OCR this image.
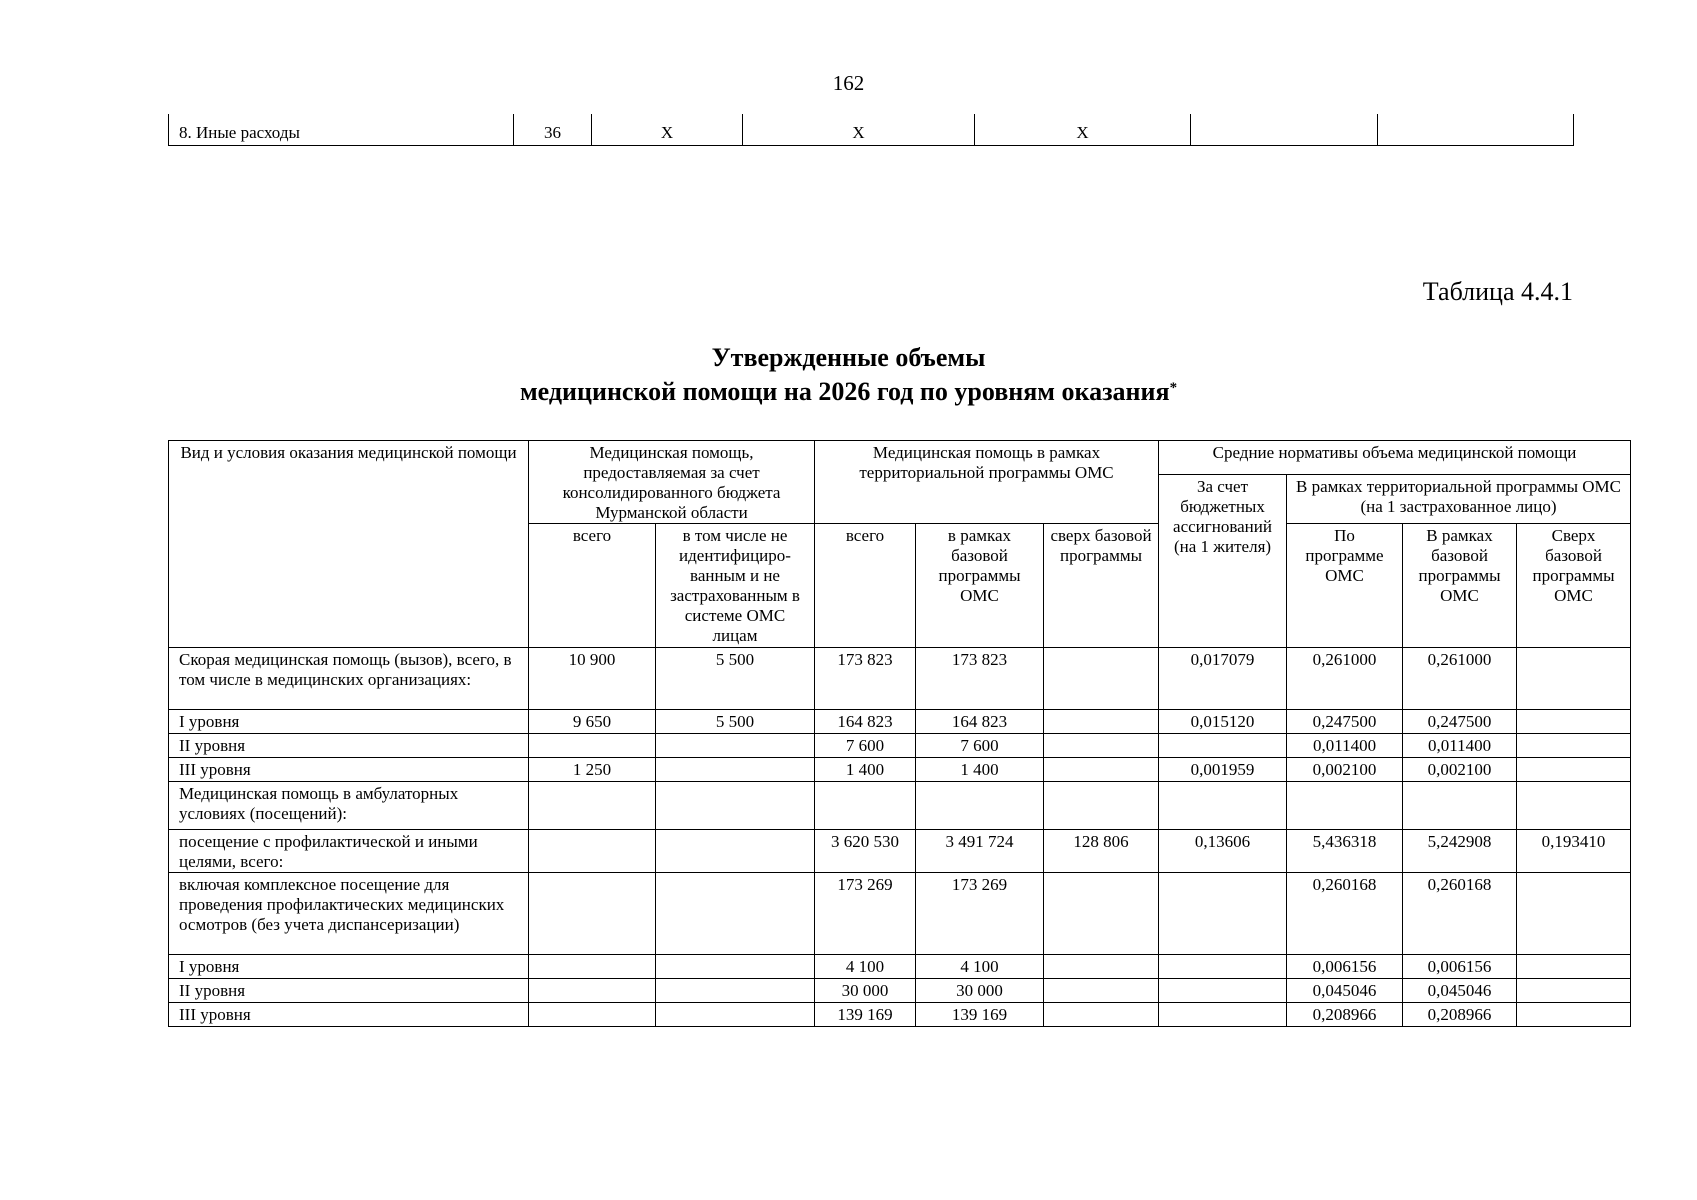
162
8. Иные расходы	36	Х	Х	Х		
Таблица 4.4.1
Утвержденные объемы
медицинской помощи на 2026 год по уровням оказания*
Вид и условия оказания медицинской помощи	Медицинская помощь, предоставляемая за счет консолидированного бюджета Мурманской области		Медицинская помощь в рамках территориальной программы ОМС			Средние нормативы объема медицинской помощи			
						За счет бюджетных ассигнований (на 1 жителя)	В рамках территориальной программы ОМС (на 1 застрахованное лицо)		
	всего	в том числе не идентифициро-ванным и не застрахованным в системе ОМС лицам	всего	в рамках базовой программы ОМС	сверх базовой программы		По программе ОМС	В рамках базовой программы ОМС	Сверх базовой программы ОМС
Скорая медицинская помощь (вызов), всего, в том числе в медицинских организациях:	10 900	5 500	173 823	173 823		0,017079	0,261000	0,261000	
I уровня	9 650	5 500	164 823	164 823		0,015120	0,247500	0,247500	
II уровня			7 600	7 600			0,011400	0,011400	
III уровня	1 250		1 400	1 400		0,001959	0,002100	0,002100	
Медицинская помощь в амбулаторных условиях (посещений):									
посещение с профилактической и иными целями, всего:			3 620 530	3 491 724	128 806	0,13606	5,436318	5,242908	0,193410
включая комплексное посещение для проведения профилактических медицинских осмотров (без учета диспансеризации)			173 269	173 269			0,260168	0,260168	
I уровня			4 100	4 100			0,006156	0,006156	
II уровня			30 000	30 000			0,045046	0,045046	
III уровня			139 169	139 169			0,208966	0,208966	
